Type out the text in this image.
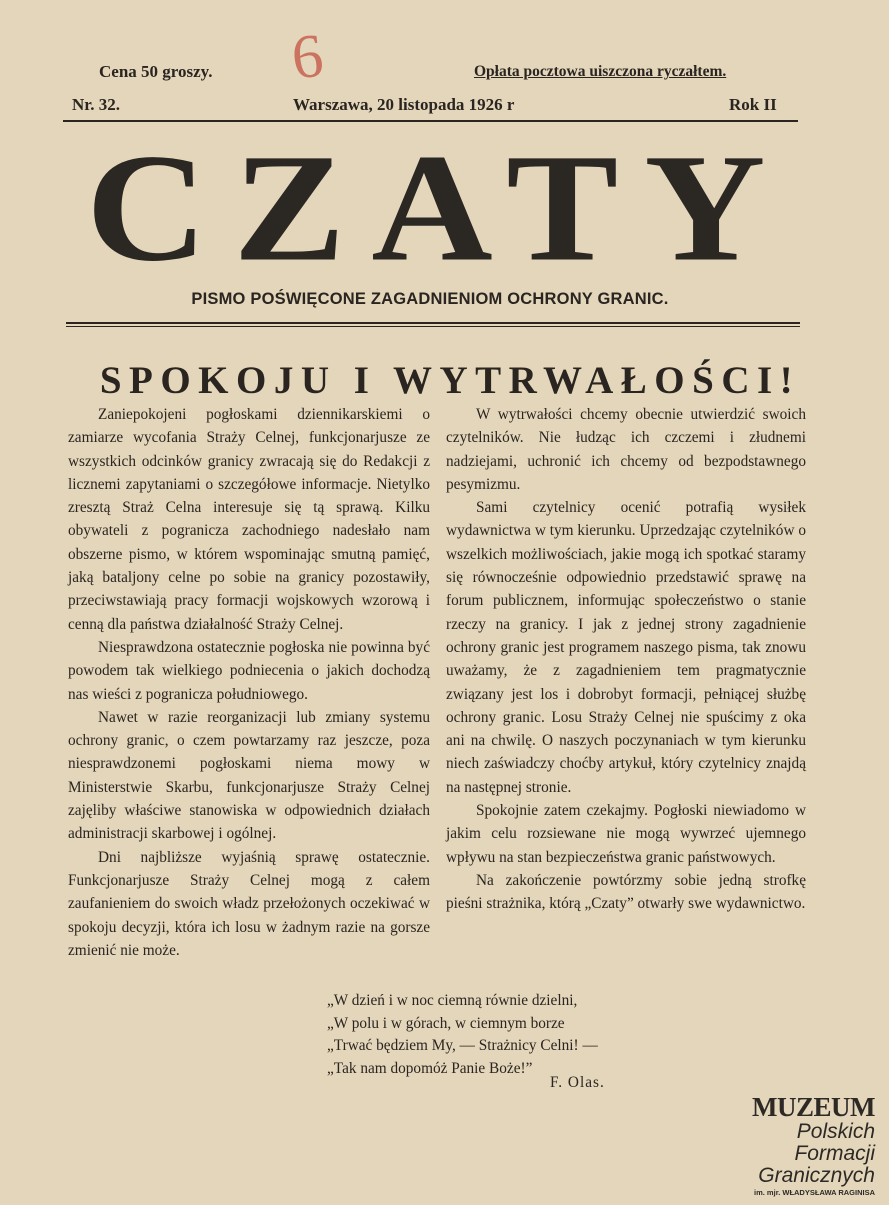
Cena 50 groszy.	Opłata pocztowa uiszczona ryczałtem.
6
Nr. 32.	Warszawa, 20 listopada 1926 r	Rok II
CZATY
PISMO POŚWIĘCONE ZAGADNIENIOM OCHRONY GRANIC.
SPOKOJU I WYTRWAŁOŚCI!

Zaniepokojeni pogłoskami dziennikarskiemi o zamiarze wycofania Straży Celnej, funkcjonarjusze ze wszystkich odcinków granicy zwracają się do Redakcji z licznemi zapytaniami o szczegółowe informacje. Nietylko zresztą Straż Celna interesuje się tą sprawą. Kilku obywateli z pogranicza zachodniego nadesłało nam obszerne pismo, w którem wspominając smutną pamięć, jaką bataljony celne po sobie na granicy pozostawiły, przeciwstawiają pracy formacji wojskowych wzorową i cenną dla państwa działalność Straży Celnej.

Niesprawdzona ostatecznie pogłoska nie powinna być powodem tak wielkiego podniecenia o jakich dochodzą nas wieści z pogranicza południowego.

Nawet w razie reorganizacji lub zmiany systemu ochrony granic, o czem powtarzamy raz jeszcze, poza niesprawdzonemi pogłoskami niema mowy w Ministerstwie Skarbu, funkcjonarjusze Straży Celnej zajęliby właściwe stanowiska w odpowiednich działach administracji skarbowej i ogólnej.

Dni najbliższe wyjaśnią sprawę ostatecznie. Funkcjonarjusze Straży Celnej mogą z całem zaufanieniem do swoich władz przełożonych oczekiwać w spokoju decyzji, która ich losu w żadnym razie na gorsze zmienić nie może.

W wytrwałości chcemy obecnie utwierdzić swoich czytelników. Nie łudząc ich czczemi i złudnemi nadziejami, uchronić ich chcemy od bezpodstawnego pesymizmu.

Sami czytelnicy ocenić potrafią wysiłek wydawnictwa w tym kierunku. Uprzedzając czytelników o wszelkich możliwościach, jakie mogą ich spotkać staramy się równocześnie odpowiednio przedstawić sprawę na forum publicznem, informując społeczeństwo o stanie rzeczy na granicy. I jak z jednej strony zagadnienie ochrony granic jest programem naszego pisma, tak znowu uważamy, że z zagadnieniem tem pragmatycznie związany jest los i dobrobyt formacji, pełniącej służbę ochrony granic. Losu Straży Celnej nie spuścimy z oka ani na chwilę. O naszych poczynaniach w tym kierunku niech zaświadczy choćby artykuł, który czytelnicy znajdą na następnej stronie.

Spokojnie zatem czekajmy. Pogłoski niewiadomo w jakim celu rozsiewane nie mogą wywrzeć ujemnego wpływu na stan bezpieczeństwa granic państwowych.

Na zakończenie powtórzmy sobie jedną strofkę pieśni strażnika, którą „Czaty” otwarły swe wydawnictwo.

„W dzień i w noc ciemną równie dzielni,
„W polu i w górach, w ciemnym borze
„Trwać będziem My, — Strażnicy Celni! —
„Tak nam dopomóż Panie Boże!”
F. Olas.
MUZEUM
Polskich
Formacji
Granicznych
im. mjr. WŁADYSŁAWA RAGINISA
